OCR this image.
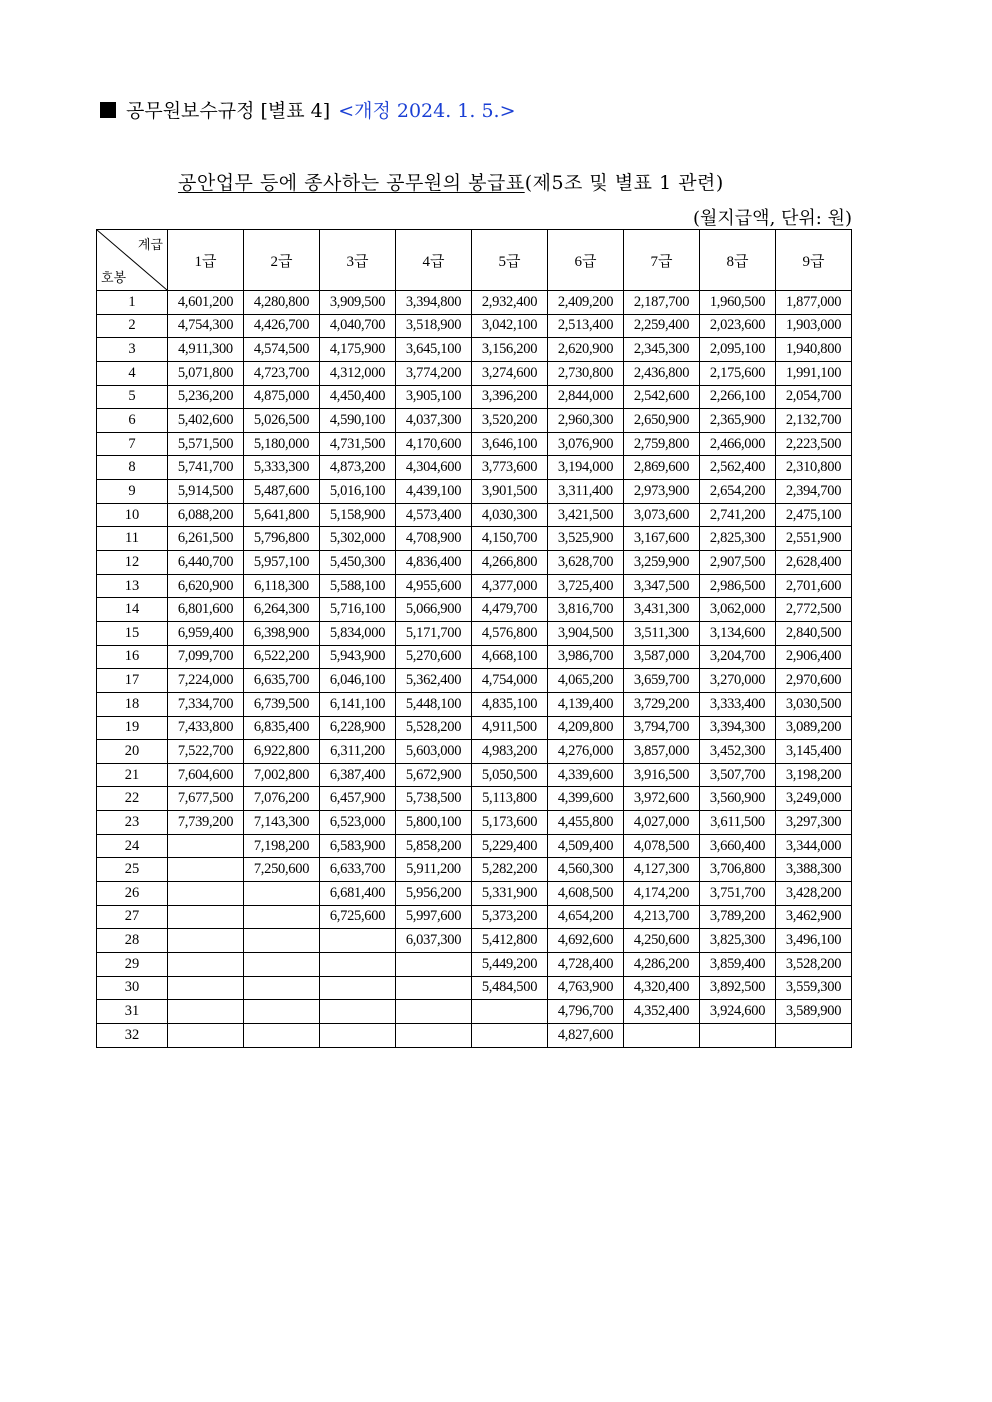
공무원보수규정 [별표 4] <개정 2024. 1. 5.>
공안업무 등에 종사하는 공무원의 봉급표(제5조 및 별표 1 관련)
(월지급액, 단위: 원)
계급
호봉	1급	2급	3급	4급	5급	6급	7급	8급	9급
1	4,601,200	4,280,800	3,909,500	3,394,800	2,932,400	2,409,200	2,187,700	1,960,500	1,877,000
2	4,754,300	4,426,700	4,040,700	3,518,900	3,042,100	2,513,400	2,259,400	2,023,600	1,903,000
3	4,911,300	4,574,500	4,175,900	3,645,100	3,156,200	2,620,900	2,345,300	2,095,100	1,940,800
4	5,071,800	4,723,700	4,312,000	3,774,200	3,274,600	2,730,800	2,436,800	2,175,600	1,991,100
5	5,236,200	4,875,000	4,450,400	3,905,100	3,396,200	2,844,000	2,542,600	2,266,100	2,054,700
6	5,402,600	5,026,500	4,590,100	4,037,300	3,520,200	2,960,300	2,650,900	2,365,900	2,132,700
7	5,571,500	5,180,000	4,731,500	4,170,600	3,646,100	3,076,900	2,759,800	2,466,000	2,223,500
8	5,741,700	5,333,300	4,873,200	4,304,600	3,773,600	3,194,000	2,869,600	2,562,400	2,310,800
9	5,914,500	5,487,600	5,016,100	4,439,100	3,901,500	3,311,400	2,973,900	2,654,200	2,394,700
10	6,088,200	5,641,800	5,158,900	4,573,400	4,030,300	3,421,500	3,073,600	2,741,200	2,475,100
11	6,261,500	5,796,800	5,302,000	4,708,900	4,150,700	3,525,900	3,167,600	2,825,300	2,551,900
12	6,440,700	5,957,100	5,450,300	4,836,400	4,266,800	3,628,700	3,259,900	2,907,500	2,628,400
13	6,620,900	6,118,300	5,588,100	4,955,600	4,377,000	3,725,400	3,347,500	2,986,500	2,701,600
14	6,801,600	6,264,300	5,716,100	5,066,900	4,479,700	3,816,700	3,431,300	3,062,000	2,772,500
15	6,959,400	6,398,900	5,834,000	5,171,700	4,576,800	3,904,500	3,511,300	3,134,600	2,840,500
16	7,099,700	6,522,200	5,943,900	5,270,600	4,668,100	3,986,700	3,587,000	3,204,700	2,906,400
17	7,224,000	6,635,700	6,046,100	5,362,400	4,754,000	4,065,200	3,659,700	3,270,000	2,970,600
18	7,334,700	6,739,500	6,141,100	5,448,100	4,835,100	4,139,400	3,729,200	3,333,400	3,030,500
19	7,433,800	6,835,400	6,228,900	5,528,200	4,911,500	4,209,800	3,794,700	3,394,300	3,089,200
20	7,522,700	6,922,800	6,311,200	5,603,000	4,983,200	4,276,000	3,857,000	3,452,300	3,145,400
21	7,604,600	7,002,800	6,387,400	5,672,900	5,050,500	4,339,600	3,916,500	3,507,700	3,198,200
22	7,677,500	7,076,200	6,457,900	5,738,500	5,113,800	4,399,600	3,972,600	3,560,900	3,249,000
23	7,739,200	7,143,300	6,523,000	5,800,100	5,173,600	4,455,800	4,027,000	3,611,500	3,297,300
24		7,198,200	6,583,900	5,858,200	5,229,400	4,509,400	4,078,500	3,660,400	3,344,000
25		7,250,600	6,633,700	5,911,200	5,282,200	4,560,300	4,127,300	3,706,800	3,388,300
26			6,681,400	5,956,200	5,331,900	4,608,500	4,174,200	3,751,700	3,428,200
27			6,725,600	5,997,600	5,373,200	4,654,200	4,213,700	3,789,200	3,462,900
28				6,037,300	5,412,800	4,692,600	4,250,600	3,825,300	3,496,100
29					5,449,200	4,728,400	4,286,200	3,859,400	3,528,200
30					5,484,500	4,763,900	4,320,400	3,892,500	3,559,300
31						4,796,700	4,352,400	3,924,600	3,589,900
32						4,827,600			
